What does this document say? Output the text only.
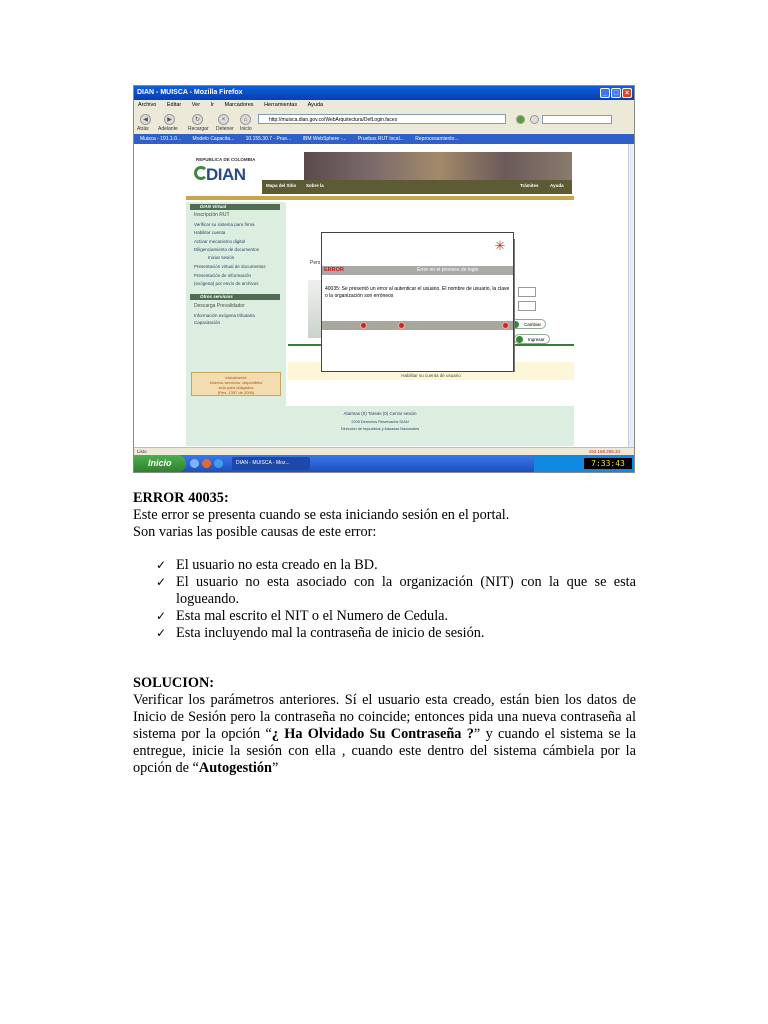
DIAN - MUISCA - Mozilla Firefox	_ □ ×
Archivo Editar Ver Ir Marcadores Herramientas Ayuda
◀	▶	↻	×	⌂
Atrás Adelante Recargar Detener Inicio
http://muisca.dian.gov.co/WebArquitectura/DefLogin.faces
Muisca - 191.1.0... Modelo Capacita... 10.155.30.7 - Prue... IBM WebSphere -... Pruebas RUT local... Reprocesamiento...
REPUBLICA DE COLOMBIA
DIAN
Mapa del Sitio Sobre la	Trámites	Ayuda
DIAN Virtual
Inscripción RUT
Verificar su sistema para firma
Habilitar cuenta
Activar mecanismo digital
Diligenciamiento de documentos
Iniciar sesión
Presentación virtual de documentos
Presentación de información
(exógena) por envío de archivos
Otros servicios
Descarga Prevalidador
Información exógena tributaria
Capacitación
Inicialmente
Nuevos servicios, disponibles
solo para obligados
(Res. 1357 de 2006)
Pers
Cambiar
Ingresar
Habilitar su cuenta de usuario
Alarmas (0) Tareas (0) Cerrar sesión
2005 Derechos Reservados DIAN
Dirección de Impuestos y Aduanas Nacionales
✳
ERROR	Error en el proceso de login
40035: Se presentó un error al autenticar el usuario. El nombre de usuario, la clave o la organización son erróneos
Listo	192.168.255.34
Inicio	DIAN - MUISCA - Moz...	7:33:43
ERROR 40035:
Este error se presenta cuando se esta iniciando sesión en el portal.
Son varias las posible causas de este error:
✓ El usuario no esta creado en la BD.
✓ El usuario no esta asociado con la organización (NIT) con la que se esta logueando.
✓ Esta mal escrito el NIT o el Numero de Cedula.
✓ Esta incluyendo mal la contraseña de inicio de sesión.
SOLUCION:
Verificar los parámetros anteriores. Sí el usuario esta creado, están bien los datos de Inicio de Sesión pero la contraseña no coincide; entonces pida una nueva contraseña al sistema por la opción “¿ Ha Olvidado Su Contraseña ?” y cuando el sistema se la entregue, inicie la sesión con ella , cuando este dentro del sistema cámbiela por la opción de “Autogestión”
